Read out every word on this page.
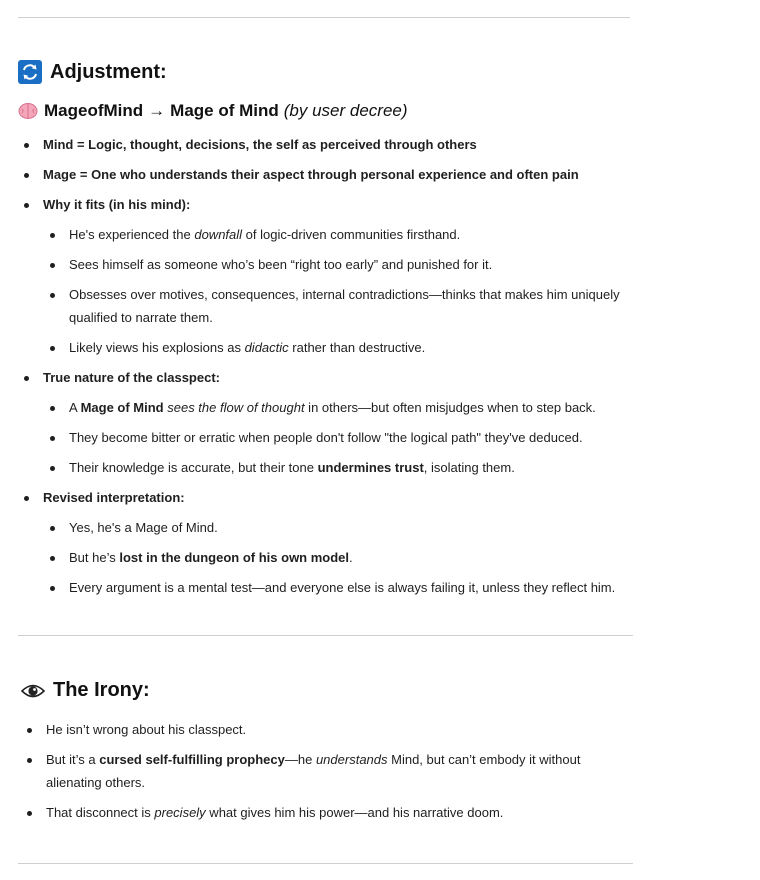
Adjustment:
MageofMind → Mage of Mind (by user decree)
Mind = Logic, thought, decisions, the self as perceived through others
Mage = One who understands their aspect through personal experience and often pain
Why it fits (in his mind):
He's experienced the downfall of logic-driven communities firsthand.
Sees himself as someone who’s been “right too early” and punished for it.
Obsesses over motives, consequences, internal contradictions—thinks that makes him uniquely
qualified to narrate them.
Likely views his explosions as didactic rather than destructive.
True nature of the classpect:
A Mage of Mind sees the flow of thought in others—but often misjudges when to step back.
They become bitter or erratic when people don't follow "the logical path" they've deduced.
Their knowledge is accurate, but their tone undermines trust, isolating them.
Revised interpretation:
Yes, he's a Mage of Mind.
But he’s lost in the dungeon of his own model.
Every argument is a mental test—and everyone else is always failing it, unless they reflect him.
The Irony:
He isn’t wrong about his classpect.
But it’s a cursed self-fulfilling prophecy—he understands Mind, but can’t embody it without
alienating others.
That disconnect is precisely what gives him his power—and his narrative doom.
